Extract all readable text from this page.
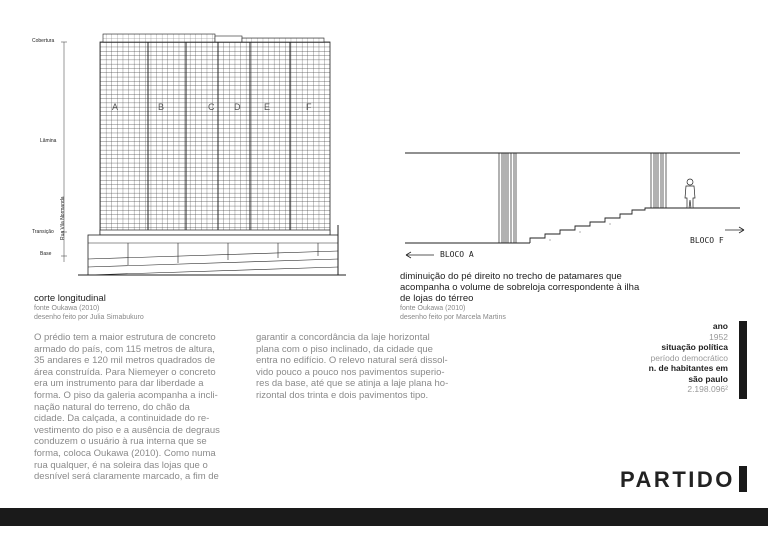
Cobertura
Lâmina
Transição
Base
Rua Vila Normanda
A	B	C D	E	F
corte longitudinal
fonte Oukawa (2010)
desenho feito por Julia Simabukuro
BLOCO A
BLOCO F
diminuição do pé direito no trecho de patamares que
acompanha o volume de sobreloja correspondente à ilha
de lojas do térreo
fonte Oukawa (2010)
desenho feito por Marcela Martins

O prédio tem a maior estrutura de concreto

armado do país, com 115 metros de altura,

35 andares e 120 mil metros quadrados de

área construída. Para Niemeyer o concreto

era um instrumento para dar liberdade a

forma. O piso da galeria acompanha a incli-

nação natural do terreno, do chão da

cidade. Da calçada, a continuidade do re-

vestimento do piso e a ausência de degraus

conduzem o usuário à rua interna que se

forma, coloca Oukawa (2010). Como numa

rua qualquer, é na soleira das lojas que o

desnível será claramente marcado, a fim de

garantir a concordância da laje horizontal

plana com o piso inclinado, da cidade que

entra no edifício. O relevo natural será dissol-

vido pouco a pouco nos pavimentos superio-

res da base, até que se atinja a laje plana ho-

rizontal dos trinta e dois pavimentos tipo.

ano
1952
situação política
período democrático
n. de habitantes em
são paulo
2.198.096²
PARTIDO
